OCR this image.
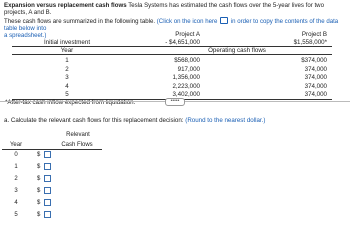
Expansion versus replacement cash flows Tesla Systems has estimated the cash flows over the 5-year lives for two projects, A and B.
These cash flows are summarized in the following table. (Click on the icon here in order to copy the contents of the data table below into
a spreadsheet.)	Project A	Project B
Initial investment	- $4,651,000	$1,558,000*
Year	Operating cash flows
1	$568,000	$374,000
2	917,000	374,000
3	1,356,000	374,000
4	2,223,000	374,000
5	3,402,000	374,000
*After-tax cash inflow expected from liquidation.	•••••
a. Calculate the relevant cash flows for this replacement decision: (Round to the nearest dollar.)
Relevant
Year	Cash Flows
0	$
1	$
2	$
3	$
4	$
5	$
